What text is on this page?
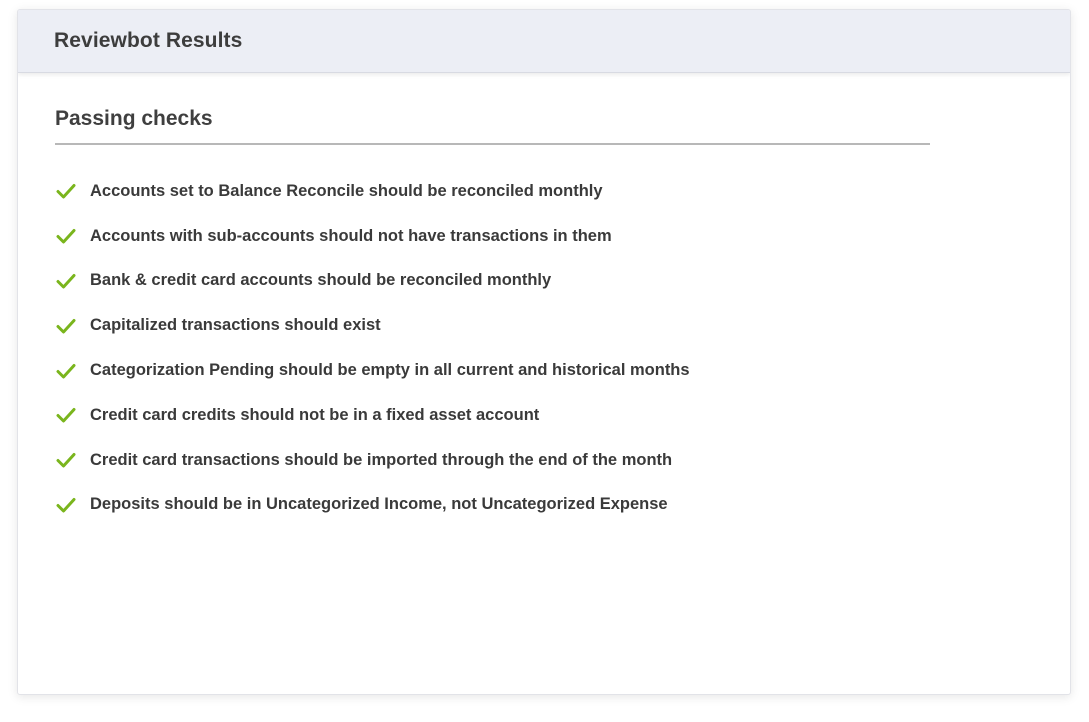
Reviewbot Results
Passing checks
Accounts set to Balance Reconcile should be reconciled monthly
Accounts with sub-accounts should not have transactions in them
Bank & credit card accounts should be reconciled monthly
Capitalized transactions should exist
Categorization Pending should be empty in all current and historical months
Credit card credits should not be in a fixed asset account
Credit card transactions should be imported through the end of the month
Deposits should be in Uncategorized Income, not Uncategorized Expense
